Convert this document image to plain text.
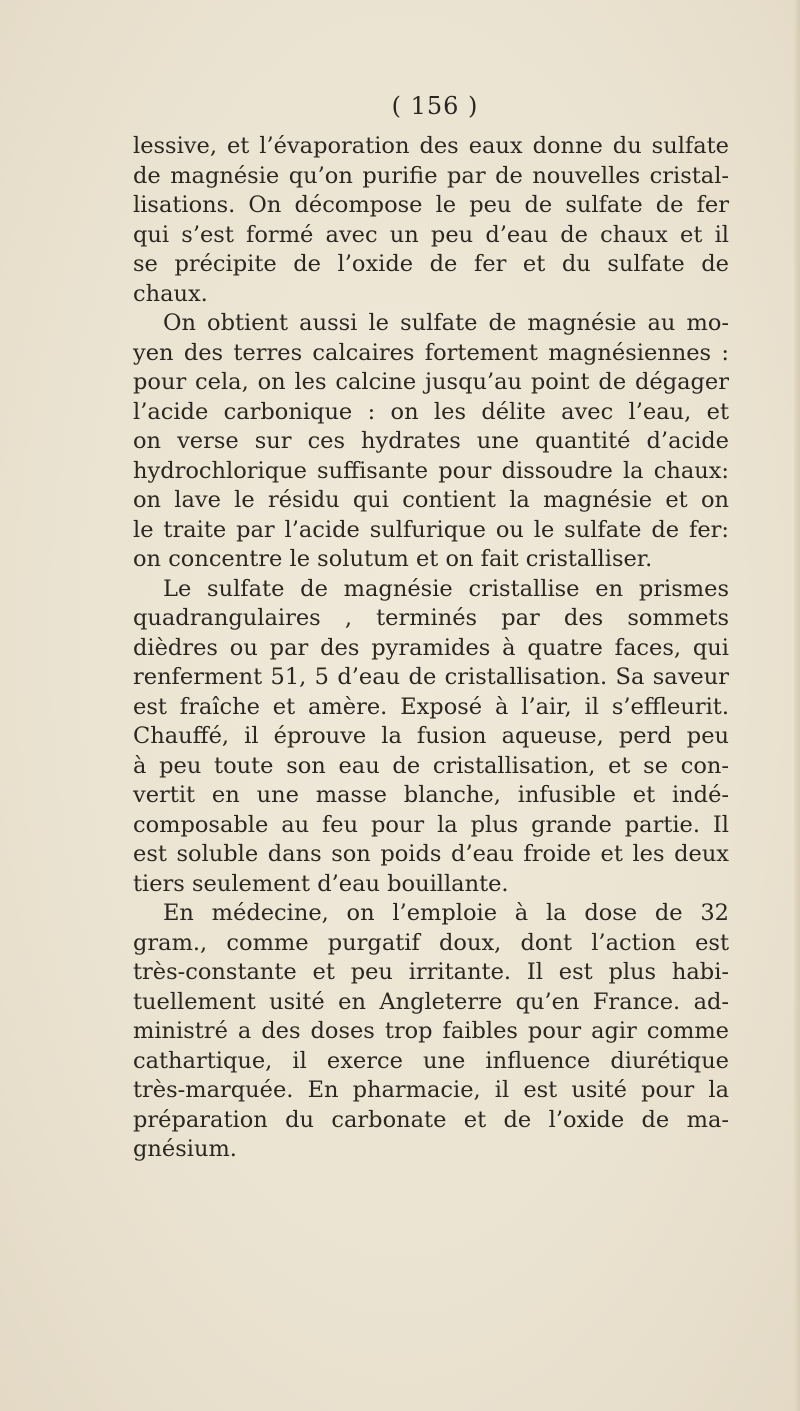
( 156 )
lessive, et l’évaporation des eaux donne du sulfate
de magnésie qu’on purifie par de nouvelles cristal-
lisations. On décompose le peu de sulfate de fer
qui s’est formé avec un peu d’eau de chaux et il
se précipite de l’oxide de fer et du sulfate de
chaux.
On obtient aussi le sulfate de magnésie au mo-
yen des terres calcaires fortement magnésiennes :
pour cela, on les calcine jusqu’au point de dégager
l’acide carbonique : on les délite avec l’eau, et
on verse sur ces hydrates une quantité d’acide
hydrochlorique suffisante pour dissoudre la chaux:
on lave le résidu qui contient la magnésie et on
le traite par l’acide sulfurique ou le sulfate de fer:
on concentre le solutum et on fait cristalliser.
Le sulfate de magnésie cristallise en prismes
quadrangulaires , terminés par des sommets
dièdres ou par des pyramides à quatre faces, qui
renferment 51, 5 d’eau de cristallisation. Sa saveur
est fraîche et amère. Exposé à l’air, il s’effleurit.
Chauffé, il éprouve la fusion aqueuse, perd peu
à peu toute son eau de cristallisation, et se con-
vertit en une masse blanche, infusible et indé-
composable au feu pour la plus grande partie. Il
est soluble dans son poids d’eau froide et les deux
tiers seulement d’eau bouillante.
En médecine, on l’emploie à la dose de 32
gram., comme purgatif doux, dont l’action est
très-constante et peu irritante. Il est plus habi-
tuellement usité en Angleterre qu’en France. ad-
ministré a des doses trop faibles pour agir comme
cathartique, il exerce une influence diurétique
très-marquée. En pharmacie, il est usité pour la
préparation du carbonate et de l’oxide de ma-
gnésium.
